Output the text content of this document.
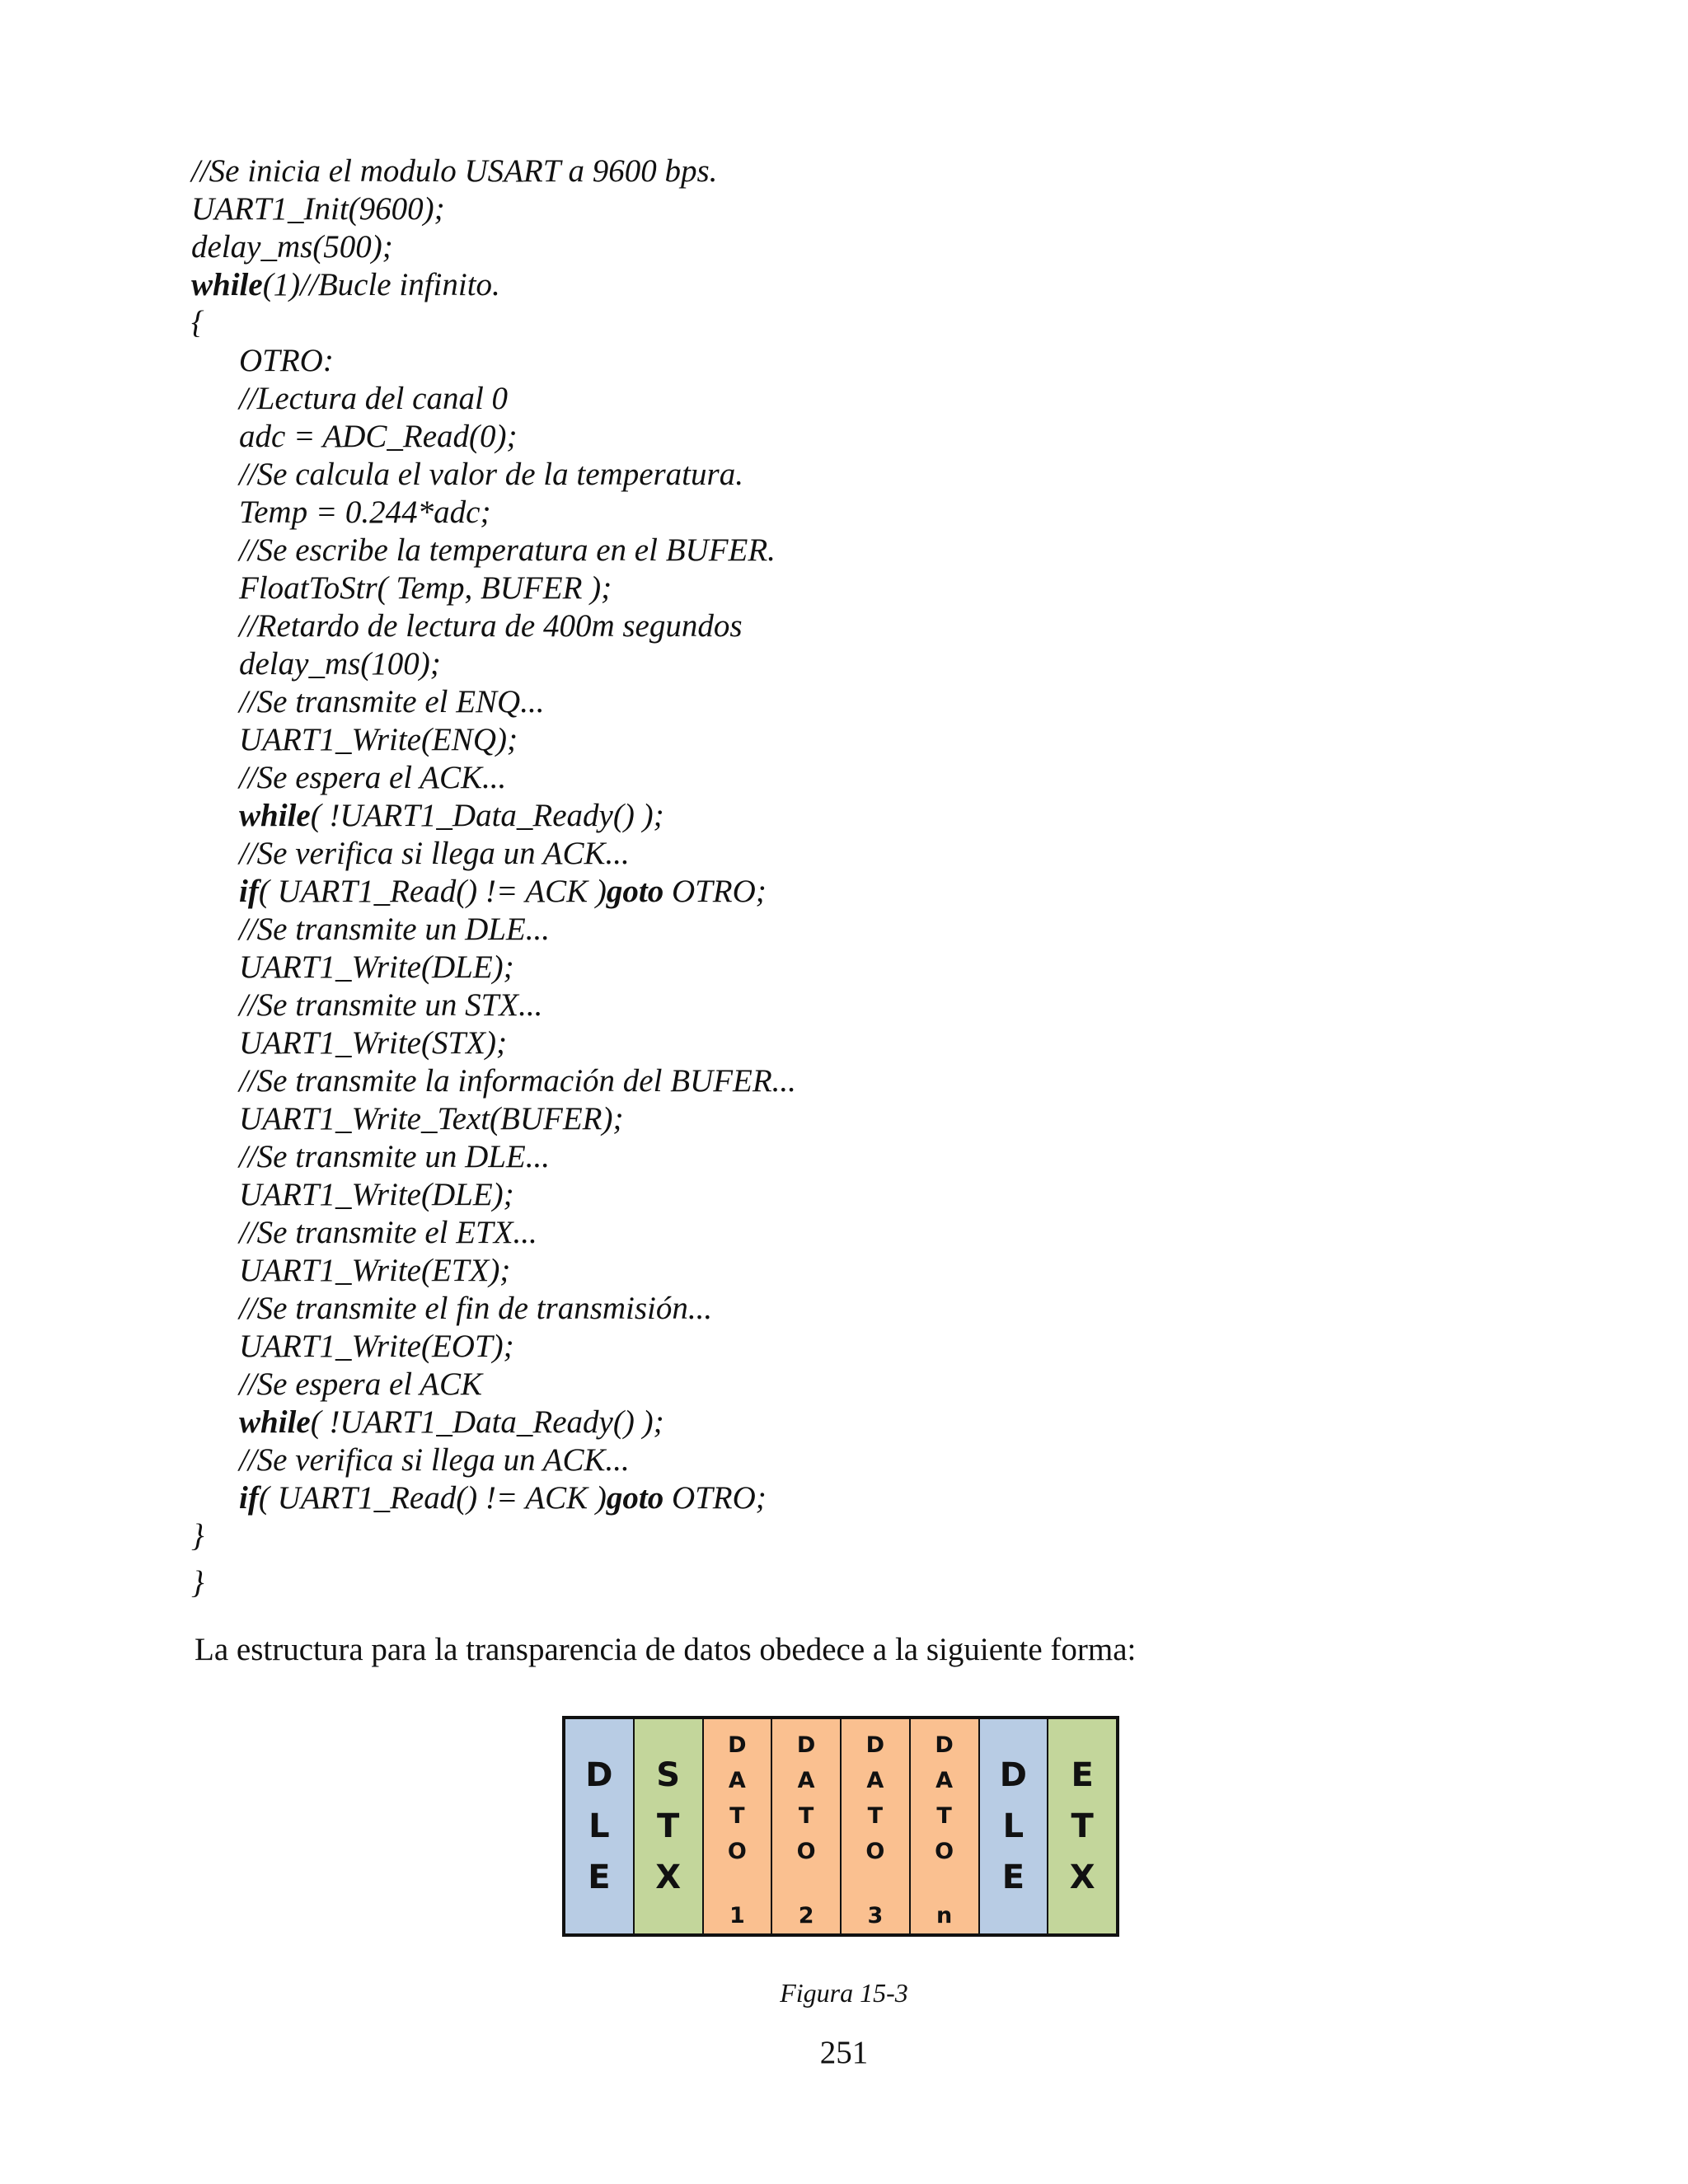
//Se inicia el modulo USART a 9600 bps.
UART1_Init(9600);
delay_ms(500);
while(1)//Bucle infinito.
{
OTRO:
//Lectura del canal 0
adc = ADC_Read(0);
//Se calcula el valor de la temperatura.
Temp = 0.244*adc;
//Se escribe la temperatura en el BUFER.
FloatToStr( Temp, BUFER );
//Retardo de lectura de 400m segundos
delay_ms(100);
//Se transmite el ENQ...
UART1_Write(ENQ);
//Se espera el ACK...
while( !UART1_Data_Ready() );
//Se verifica si llega un ACK...
if( UART1_Read() != ACK )goto OTRO;
//Se transmite un DLE...
UART1_Write(DLE);
//Se transmite un STX...
UART1_Write(STX);
//Se transmite la información del BUFER...
UART1_Write_Text(BUFER);
//Se transmite un DLE...
UART1_Write(DLE);
//Se transmite el ETX...
UART1_Write(ETX);
//Se transmite el fin de transmisión...
UART1_Write(EOT);
//Se espera el ACK
while( !UART1_Data_Ready() );
//Se verifica si llega un ACK...
if( UART1_Read() != ACK )goto OTRO;
}
}
La estructura para la transparencia de datos obedece a la siguiente forma:
D
L
E
S
T
X
D
A
T
O
1
D
A
T
O
2
D
A
T
O
3
D
A
T
O
n
D
L
E
E
T
X
Figura 15-3
251
